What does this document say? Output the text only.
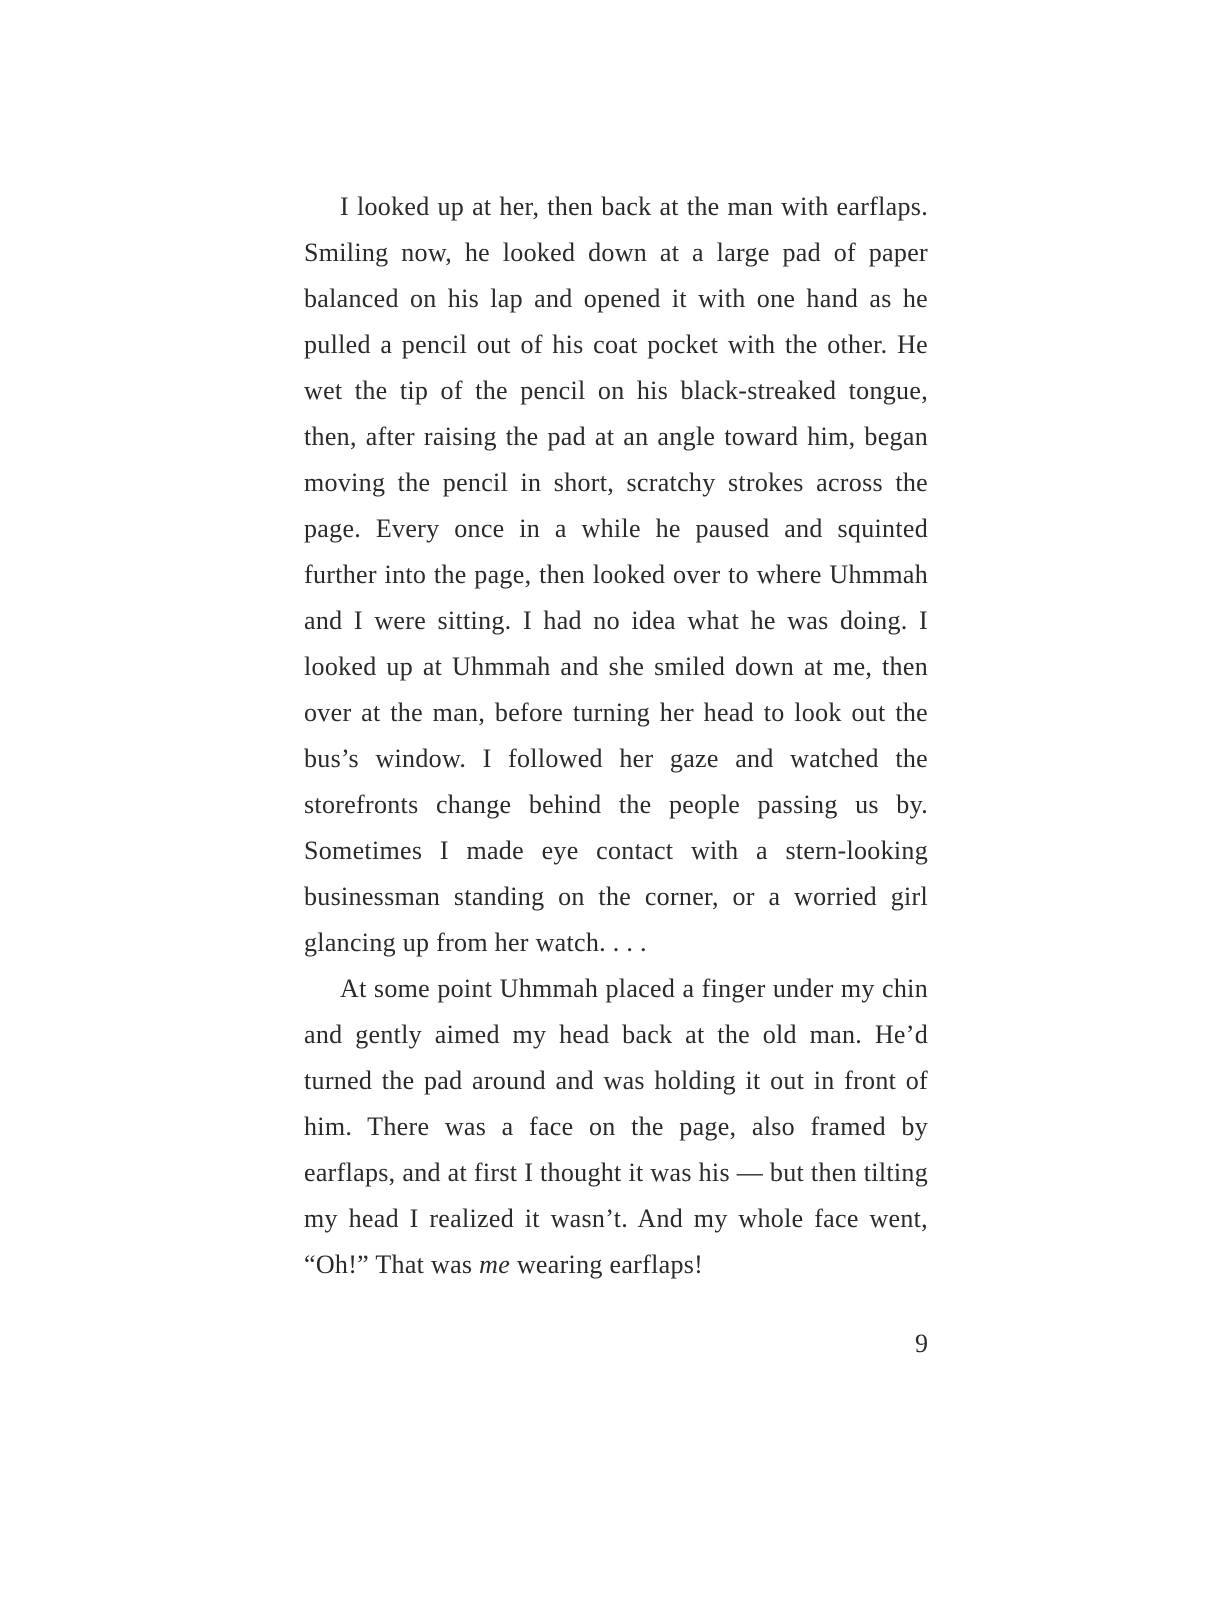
I looked up at her, then back at the man with earflaps. Smiling now, he looked down at a large pad of paper balanced on his lap and opened it with one hand as he pulled a pencil out of his coat pocket with the other. He wet the tip of the pencil on his black-streaked tongue, then, after raising the pad at an angle toward him, began moving the pencil in short, scratchy strokes across the page. Every once in a while he paused and squinted further into the page, then looked over to where Uhmmah and I were sitting. I had no idea what he was doing. I looked up at Uhmmah and she smiled down at me, then over at the man, before turning her head to look out the bus’s window. I followed her gaze and watched the storefronts change behind the people passing us by. Sometimes I made eye contact with a stern-looking businessman standing on the corner, or a worried girl glancing up from her watch. . . .

At some point Uhmmah placed a finger under my chin and gently aimed my head back at the old man. He’d turned the pad around and was holding it out in front of him. There was a face on the page, also framed by earflaps, and at first I thought it was his — but then tilting my head I realized it wasn’t. And my whole face went, “Oh!” That was me wearing earflaps!

9
